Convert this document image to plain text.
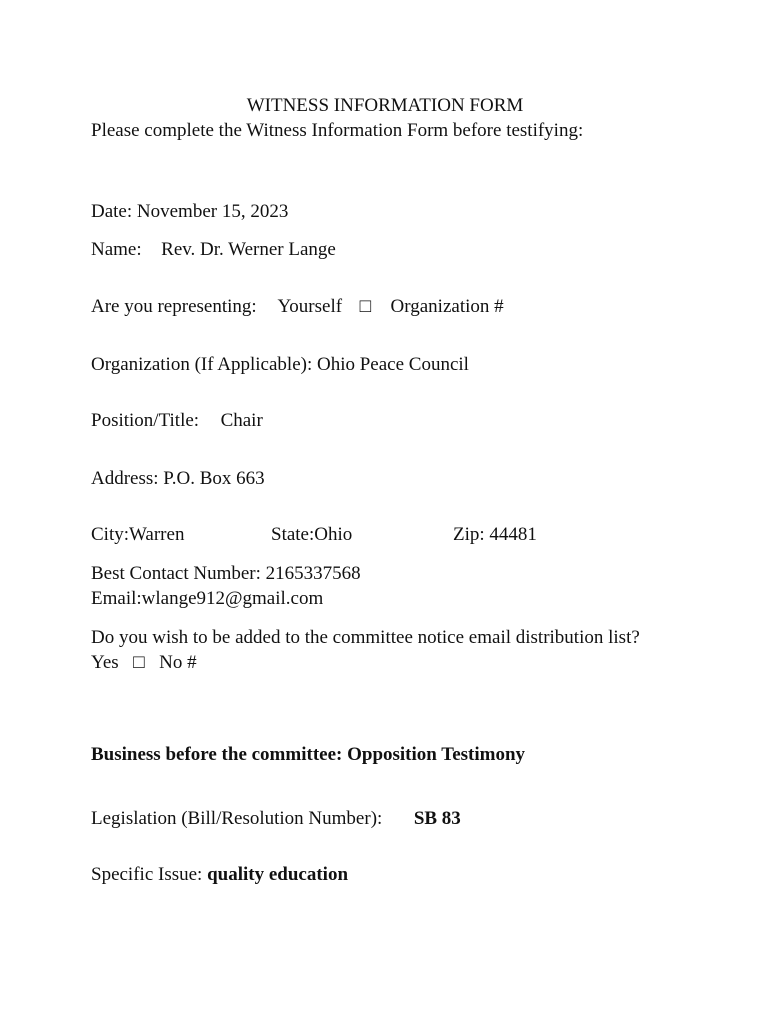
WITNESS INFORMATION FORM
Please complete the Witness Information Form before testifying:
Date: November 15, 2023
Name: Rev. Dr. Werner Lange
Are you representing: Yourself □ Organization #
Organization (If Applicable): Ohio Peace Council
Position/Title: Chair
Address: P.O. Box 663
City:Warren	State:Ohio	Zip: 44481
Best Contact Number: 2165337568
Email:wlange912@gmail.com
Do you wish to be added to the committee notice email distribution list?
Yes □ No #
Business before the committee: Opposition Testimony
Legislation (Bill/Resolution Number): SB 83
Specific Issue: quality education
